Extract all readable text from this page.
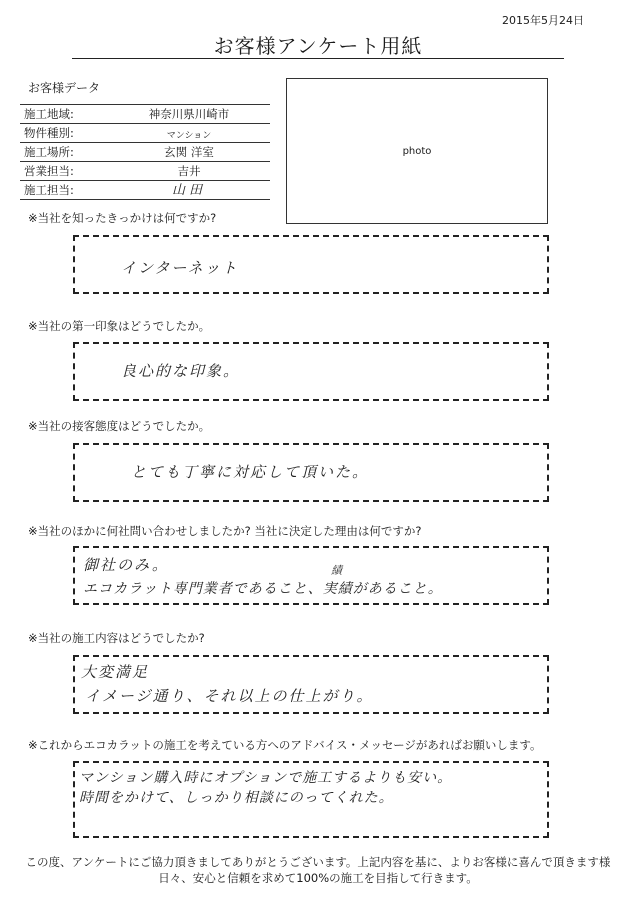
2015年5月24日
お客様アンケート用紙
お客様データ
施工地域:	神奈川県川崎市
物件種別:	マンション
施工場所:	玄関 洋室
営業担当:	吉井
施工担当:	山田
photo
※当社を知ったきっかけは何ですか?
インターネット
※当社の第一印象はどうでしたか。
良心的な印象。
※当社の接客態度はどうでしたか。
とても丁寧に対応して頂いた。
※当社のほかに何社問い合わせしましたか? 当社に決定した理由は何ですか?
御社のみ。
エコカラット専門業者であること、実績があること。
績
※当社の施工内容はどうでしたか?
大変満足
イメージ通り、それ以上の仕上がり。
※これからエコカラットの施工を考えている方へのアドバイス・メッセージがあればお願いします。
マンション購入時にオプションで施工するよりも安い。
時間をかけて、しっかり相談にのってくれた。
この度、アンケートにご協力頂きましてありがとうございます。上記内容を基に、よりお客様に喜んで頂きます様
日々、安心と信頼を求めて100%の施工を目指して行きます。
